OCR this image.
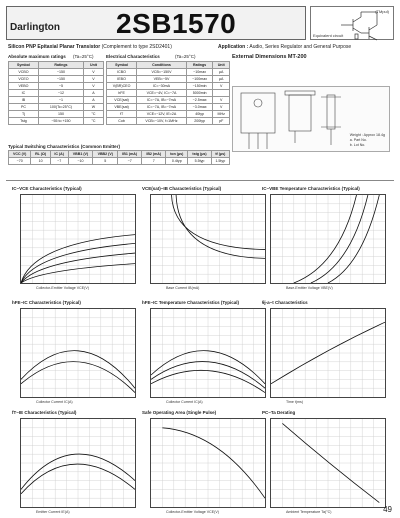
Darlington 2SB1570	(TMpul)
Equivalent circuit
Silicon PNP Epitaxial Planar Transistor (Complement to type 2SD2401)	Application : Audio, Series Regulator and General Purpose
Absolute maximum ratings (Ta=25°C)
Symbol	Ratings	Unit
VCBO	−150	V
VCEO	−150	V
VEBO	−5	V
IC	−12	A
IB	−1	A
PC	100(Tc=25°C)	W
Tj	150	°C
Tstg	−55 to +150	°C
Electrical Characteristics	(Ta=25°C)
Symbol	Conditions	Ratings	Unit
ICBO	VCB=−150V	−10max	μA
IEBO	VEB=−5V	−100max	μA
V(BR)CEO	IC=−30mA	−150min	V
hFE	VCE=−4V, IC=−7A	5000min	
VCE(sat)	IC=−7A, IB=−7mA	−2.5max	V
VBE(sat)	IC=−7A, IB=−7mA	−3.0max	V
fT	VCE=−12V, IE=2A	40typ	MHz
Cob	VCB=−10V, f=1MHz	200typ	pF
External Dimensions MT-200
Weight : Approx 18.4g
a. Part No.
b. Lot No.
Typical Switching Characteristics (Common Emitter)
VCC (V)	RL (Ω)	IC (A)	VBB1 (V)	VBB2 (V)	IB1 (mA)	IB2 (mA)	ton (μs)	tstg (μs)	tf (μs)
−70	10	−7	−10	5	−7	7	0.4typ	5.5typ	1.5typ
IC−VCE Characteristics (Typical)
Collector-Emitter Voltage VCE(V)
VCE(sat)−IB Characteristics (Typical)
Base Current IB(mA)
IC−VBE Temperature Characteristics (Typical)
Base-Emitter Voltage VBE(V)
hFE−IC Characteristics (Typical)
Collector Current IC(A)
hFE−IC Temperature Characteristics (Typical)
Collector Current IC(A)
θj-a−t Characteristics
Time t(ms)
fT−IE Characteristics (Typical)
Emitter Current IE(A)
Safe Operating Area (Single Pulse)
Collector-Emitter Voltage VCE(V)
PC−Ta Derating
Ambient Temperature Ta(°C)	49
